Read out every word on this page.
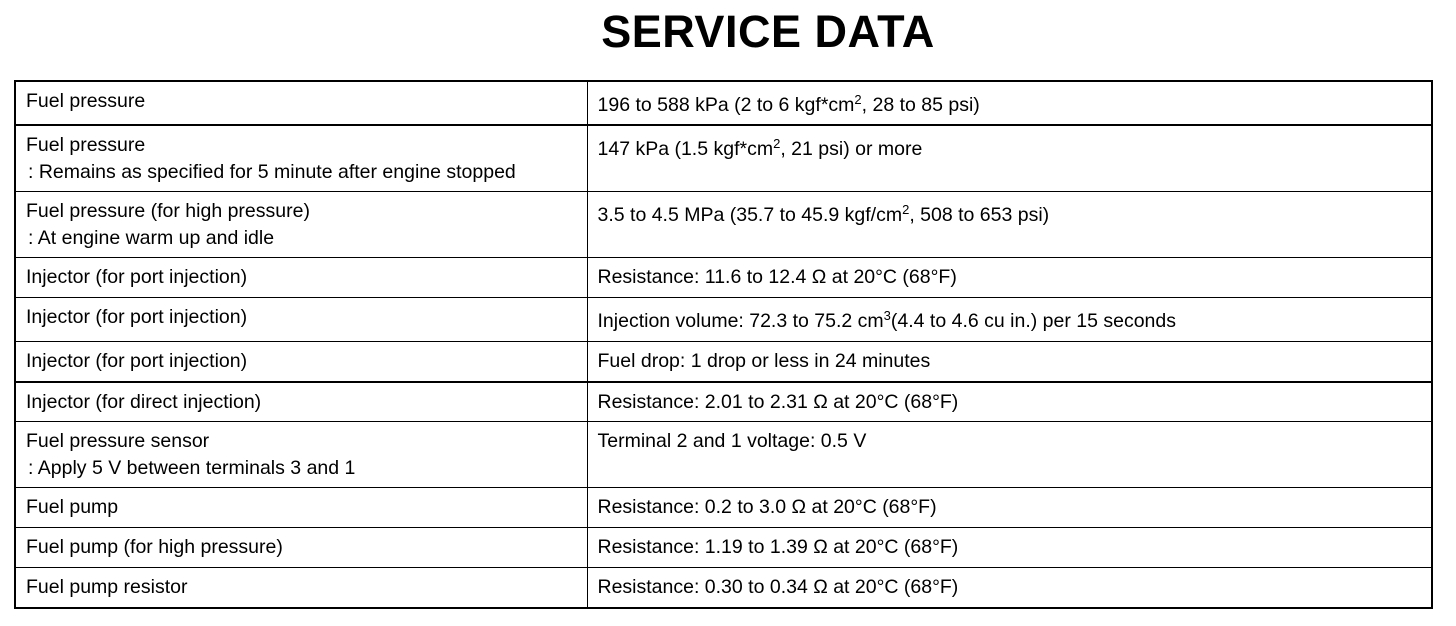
SERVICE DATA
Fuel pressure	196 to 588 kPa (2 to 6 $kgf*cm^2$, 28 to 85 psi)
Fuel pressure
: Remains as specified for 5 minute after engine stopped	147 kPa (1.5 $kgf*cm^2$, 21 psi) or more
Fuel pressure (for high pressure)
: At engine warm up and idle	3.5 to 4.5 MPa (35.7 to 45.9 kgf/$cm^2$, 508 to 653 psi)
Injector (for port injection)	Resistance: 11.6 to 12.4 Ω at 20°C (68°F)
Injector (for port injection)	Injection volume: 72.3 to 75.2 $cm^3(4.4$ to 4.6 cu in.) per 15 seconds
Injector (for port injection)	Fuel drop: 1 drop or less in 24 minutes
Injector (for direct injection)	Resistance: 2.01 to 2.31 Ω at 20°C (68°F)
Fuel pressure sensor
: Apply 5 V between terminals 3 and 1	Terminal 2 and 1 voltage: 0.5 V
Fuel pump	Resistance: 0.2 to 3.0 Ω at 20°C (68°F)
Fuel pump (for high pressure)	Resistance: 1.19 to 1.39 Ω at 20°C (68°F)
Fuel pump resistor	Resistance: 0.30 to 0.34 Ω at 20°C (68°F)
